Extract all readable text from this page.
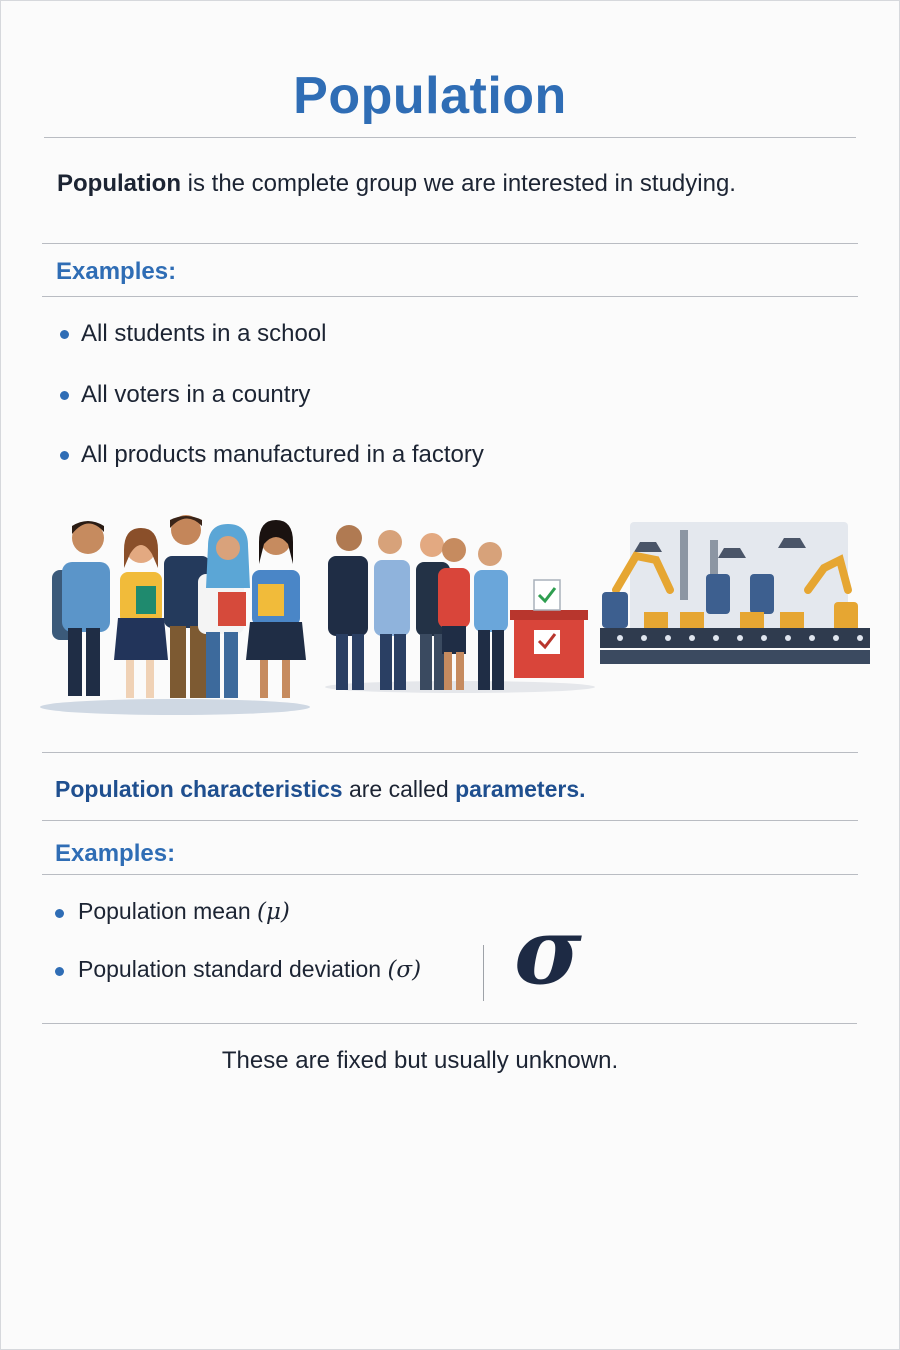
Population
Population is the complete group we are interested in studying.
Examples:
All students in a school
All voters in a country
All products manufactured in a factory
Population characteristics are called parameters.
Examples:
Population mean (μ)
Population standard deviation (σ) σ
These are fixed but usually unknown.
